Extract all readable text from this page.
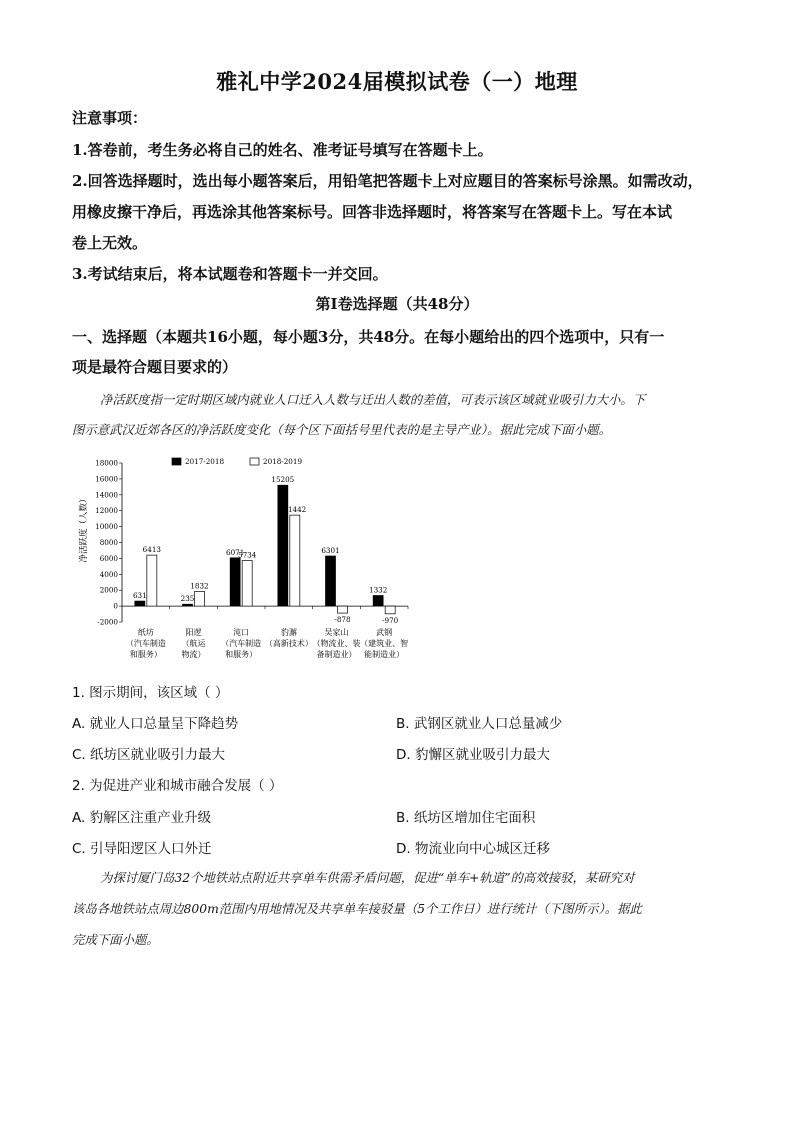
雅礼中学2024届模拟试卷（一）地理
注意事项：
1.答卷前，考生务必将自己的姓名、准考证号填写在答题卡上。
2.回答选择题时，选出每小题答案后，用铅笔把答题卡上对应题目的答案标号涂黑。如需改动，
用橡皮擦干净后，再选涂其他答案标号。回答非选择题时，将答案写在答题卡上。写在本试
卷上无效。
3.考试结束后，将本试题卷和答题卡一并交回。
第I卷选择题（共48分）
一、选择题（本题共16小题，每小题3分，共48分。在每小题给出的四个选项中，只有一
项是最符合题目要求的）
净活跃度指一定时期区域内就业人口迁入人数与迁出人数的差值，可表示该区域就业吸引力大小。下
图示意武汉近郊各区的净活跃度变化（每个区下面括号里代表的是主导产业）。据此完成下面小题。
-2000
0
2000
4000
6000
8000
10000
12000
14000
16000
18000
净活跃度（人数）
631
6413
纸坊
（汽车制造
和服务）
235
1832
阳逻
（航运
物流）
6071
5734
沌口
（汽车制造
和服务）
15205
11442
豹澥
（高新技术）
6301
-878
吴家山
（物流业、装
备制造业）
1332
-970
武钢
（建筑业、智
能制造业）
2017-2018	2018-2019
1. 图示期间，该区域（ ）
A. 就业人口总量呈下降趋势	B. 武钢区就业人口总量减少
C. 纸坊区就业吸引力最大	D. 豹懈区就业吸引力最大
2. 为促进产业和城市融合发展（ ）
A. 豹解区注重产业升级	B. 纸坊区增加住宅面积
C. 引导阳逻区人口外迁	D. 物流业向中心城区迁移
为探讨厦门岛32个地铁站点附近共享单车供需矛盾问题，促进“单车+轨道”的高效接驳，某研究对
该岛各地铁站点周边800m范围内用地情况及共享单车接驳量（5个工作日）进行统计（下图所示）。据此
完成下面小题。
